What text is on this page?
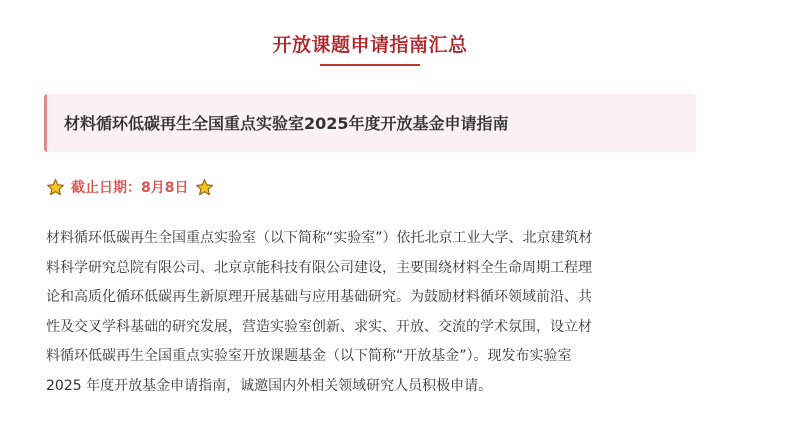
开放课题申请指南汇总
材料循环低碳再生全国重点实验室2025年度开放基金申请指南
截止日期：8月8日

材料循环低碳再生全国重点实验室（以下简称“实验室”）依托北京工业大学、北京建筑材
料科学研究总院有限公司、北京京能科技有限公司建设，主要围绕材料全生命周期工程理
论和高质化循环低碳再生新原理开展基础与应用基础研究。为鼓励材料循环领域前沿、共
性及交叉学科基础的研究发展，营造实验室创新、求实、开放、交流的学术氛围，设立材
料循环低碳再生全国重点实验室开放课题基金（以下简称“开放基金”）。现发布实验室
2025 年度开放基金申请指南，诚邀国内外相关领域研究人员积极申请。
